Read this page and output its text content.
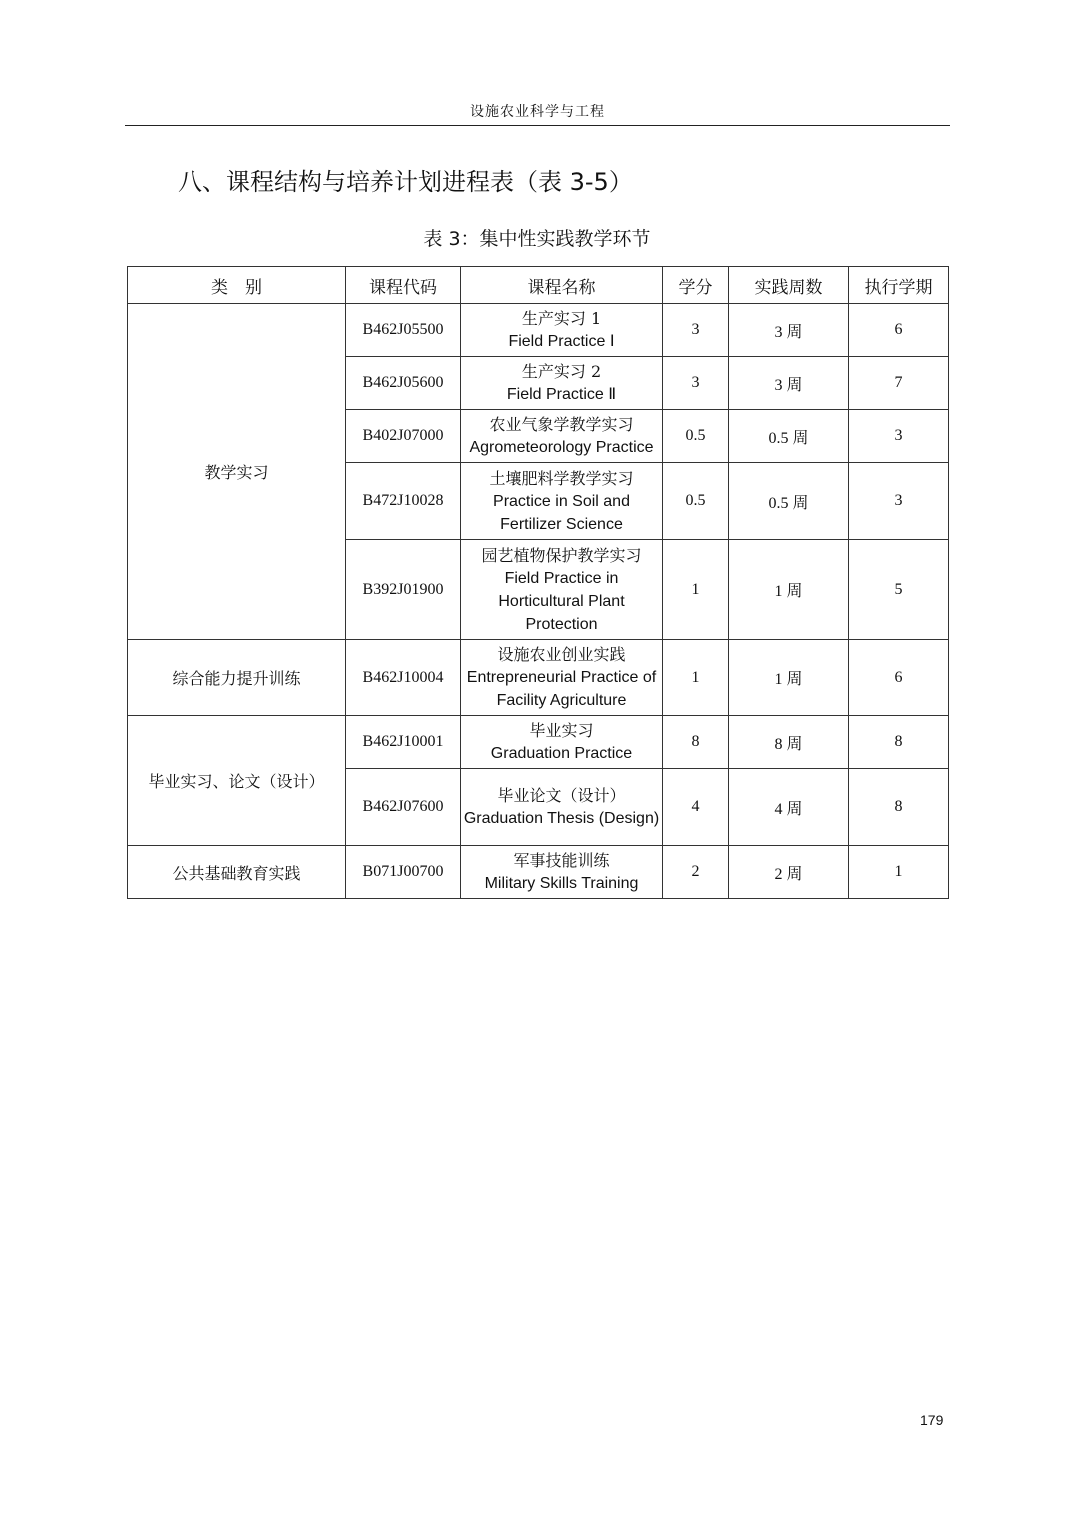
设施农业科学与工程
八、课程结构与培养计划进程表（表 3-5）
表 3：集中性实践教学环节
类　别	课程代码	课程名称	学分	实践周数	执行学期
教学实习	B462J05500	生产实习 1
Field Practice Ⅰ	3	3 周	6
	B462J05600	生产实习 2
Field Practice Ⅱ	3	3 周	7
	B402J07000	农业气象学教学实习
Agrometeorology Practice	0.5	0.5 周	3
	B472J10028	土壤肥料学教学实习
Practice in Soil and Fertilizer Science	0.5	0.5 周	3
	B392J01900	园艺植物保护教学实习
Field Practice in Horticultural Plant Protection	1	1 周	5
综合能力提升训练	B462J10004	设施农业创业实践
Entrepreneurial Practice of Facility Agriculture	1	1 周	6
毕业实习、论文（设计）	B462J10001	毕业实习
Graduation Practice	8	8 周	8
	B462J07600	毕业论文（设计）
Graduation Thesis (Design)	4	4 周	8
公共基础教育实践	B071J00700	军事技能训练
Military Skills Training	2	2 周	1
179
